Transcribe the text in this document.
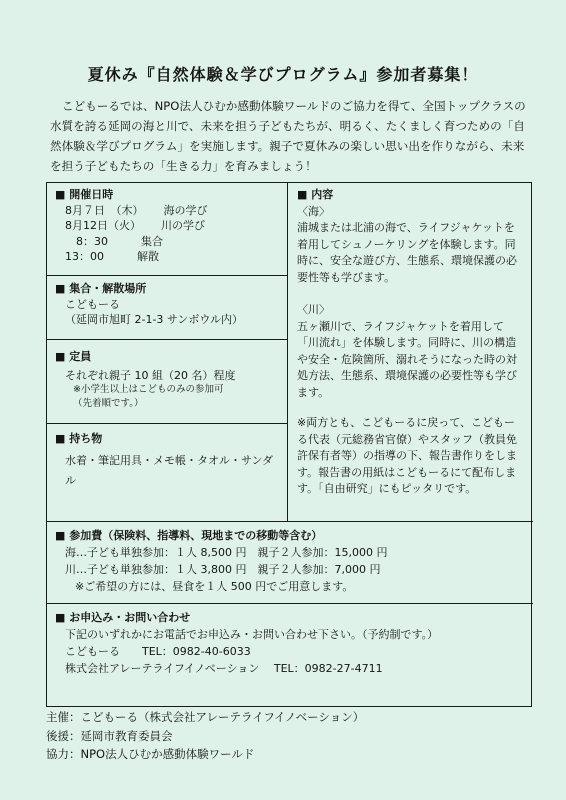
夏休み『自然体験＆学びプログラム』参加者募集！

こどもーるでは、NPO法人ひむか感動体験ワールドのご協力を得て、全国トップクラスの水質を誇る延岡の海と川で、未来を担う子どもたちが、明るく、たくましく育つための「自然体験＆学びプログラム」を実施します。親子で夏休みの楽しい思い出を作りながら、未来を担う子どもたちの「生きる力」を育みましょう！

■ 開催日時
8月７日　（木）　　 海の学び
8月12日（火）　　 川の学び
　8：30　　　集合
13：00　　　解散
■ 集合・解散場所
こどもーる
（延岡市旭町 2-1-3 サンボウル内）
■ 定員
それぞれ親子 10 組（20 名）程度
※小学生以上はこどものみの参加可
（先着順です。）
■ 持ち物
水着・筆記用具・メモ帳・タオル・サンダル
■ 内容
〈海〉
浦城または北浦の海で、ライフジャケットを着用してシュノーケリングを体験します。同時に、安全な遊び方、生態系、環境保護の必要性等も学びます。
〈川〉
五ヶ瀬川で、ライフジャケットを着用して「川流れ」を体験します。同時に、川の構造や安全・危険箇所、溺れそうになった時の対処方法、生態系、環境保護の必要性等も学びます。
※両方とも、こどもーるに戻って、こどもーる代表（元総務省官僚）やスタッフ（教員免許保有者等）の指導の下、報告書作りをします。報告書の用紙はこどもーるにて配布します。「自由研究」にもピッタリです。
■ 参加費（保険料、指導料、現地までの移動等含む）
海…子ども単独参加：１人 8,500 円　親子２人参加：15,000 円
川…子ども単独参加：１人 3,800 円　親子２人参加：7,000 円
※ご希望の方には、昼食を１人 500 円でご用意します。
■ お申込み・お問い合わせ
下記のいずれかにお電話でお申込み・お問い合わせ下さい。（予約制です。）
こどもーる　　TEL：0982-40-6033
株式会社アレーテライフイノベーション　 TEL：0982-27-4711
主催：こどもーる（株式会社アレーテライフイノベーション）
後援：延岡市教育委員会
協力：NPO法人ひむか感動体験ワールド
